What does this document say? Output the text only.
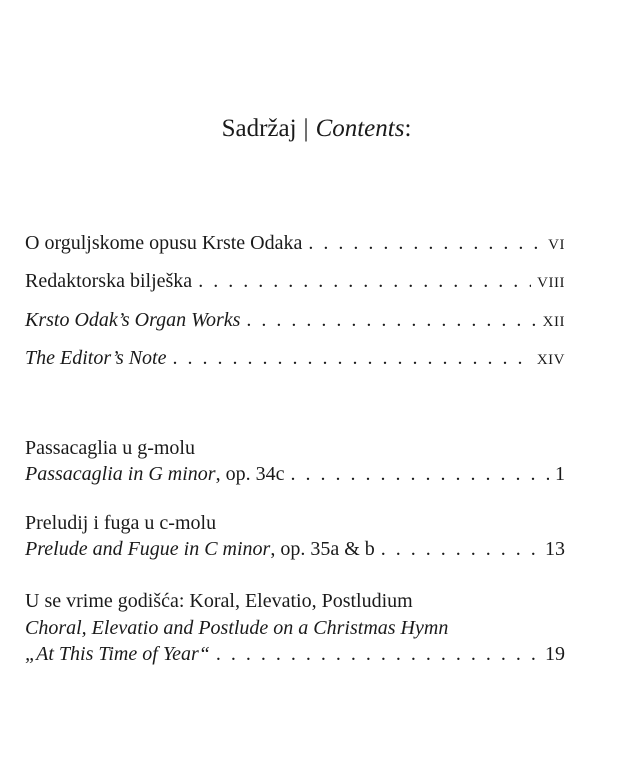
Sadržaj | Contents:
O orguljskome opusu Krste Odaka . . .	VI
Redaktorska bilješka . . .	VIII
Krsto Odak’s Organ Works . . .	XII
The Editor’s Note . . .	XIV
Passacaglia u g-molu
Passacaglia in G minor, op. 34c . . .	1
Preludij i fuga u c-molu
Prelude and Fugue in C minor, op. 35a & b . . .	13
U se vrime godišća: Koral, Elevatio, Postludium
Choral, Elevatio and Postlude on a Christmas Hymn
„At This Time of Year“ . . .	19
